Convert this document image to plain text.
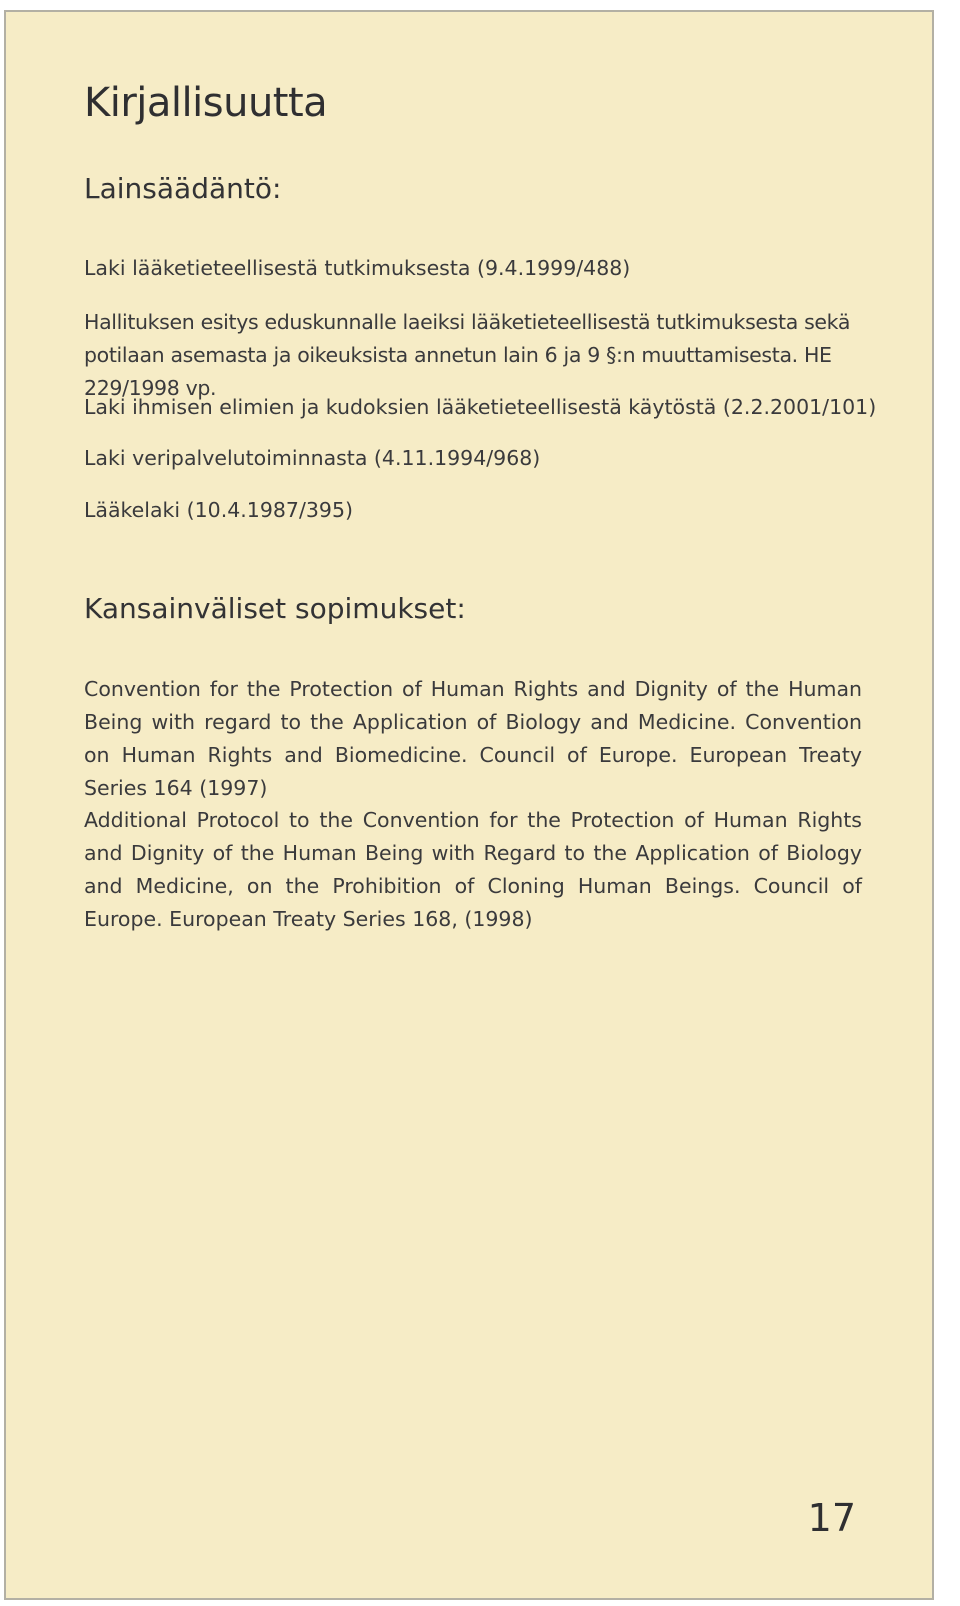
Kirjallisuutta
Lainsäädäntö:

Laki lääketieteellisestä tutkimuksesta (9.4.1999/488)

Hallituksen esitys eduskunnalle laeiksi lääketieteellisestä tutkimuksesta sekä potilaan asemasta ja oikeuksista annetun lain 6 ja 9 §:n muuttamisesta. HE 229/1998 vp.

Laki ihmisen elimien ja kudoksien lääketieteellisestä käytöstä (2.2.2001/101)

Laki veripalvelutoiminnasta (4.11.1994/968)

Lääkelaki (10.4.1987/395)

Kansainväliset sopimukset:

Convention for the Protection of Human Rights and Dignity of the Human Being with regard to the Application of Biology and Medicine. Convention on Human Rights and Biomedicine. Council of Europe. European Treaty Series 164 (1997)

Additional Protocol to the Convention for the Protection of Human Rights and Dignity of the Human Being with Regard to the Application of Biology and Medicine, on the Prohibition of Cloning Human Beings. Council of Europe. European Treaty Series 168, (1998)

17
